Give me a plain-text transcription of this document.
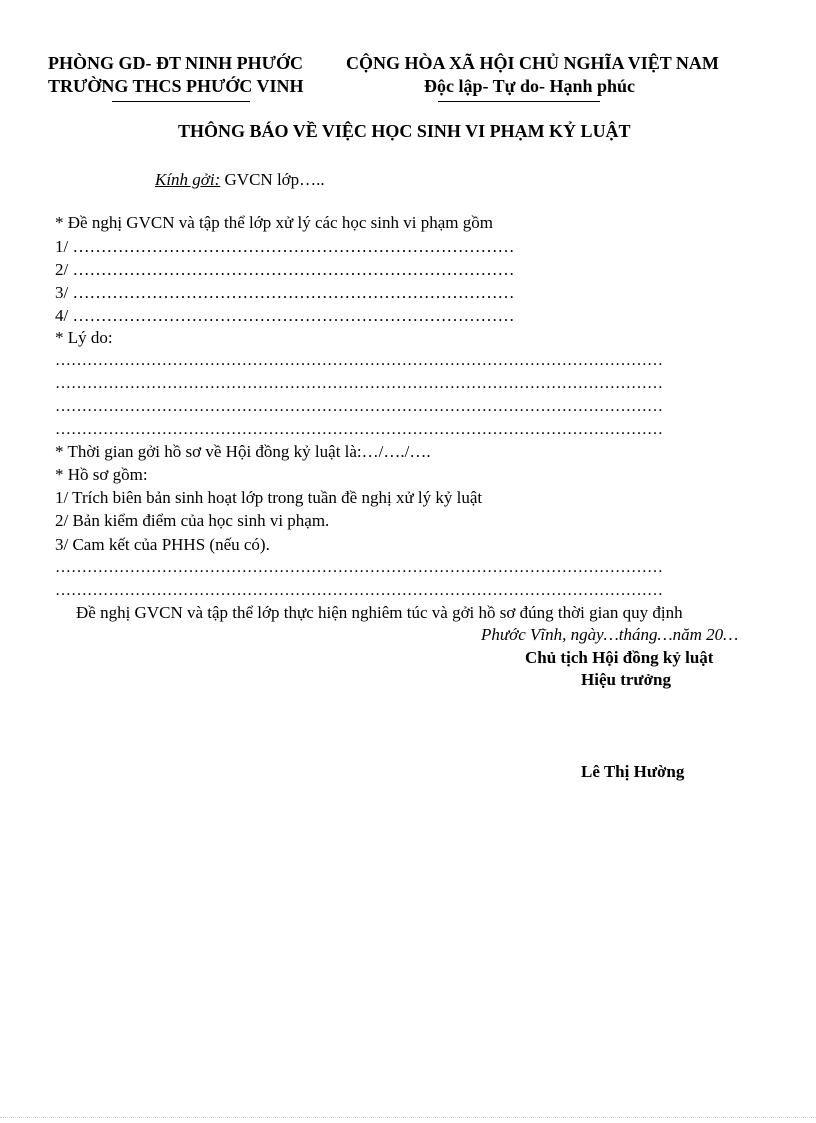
PHÒNG GD- ĐT NINH PHƯỚC
TRƯỜNG THCS PHƯỚC VINH
CỘNG HÒA XÃ HỘI CHỦ NGHĨA VIỆT NAM
Độc lập- Tự do- Hạnh phúc
THÔNG BÁO VỀ VIỆC HỌC SINH VI PHẠM KỶ LUẬT
Kính gởi: GVCN lớp…..
* Đề nghị GVCN và tập thể lớp xử lý các học sinh vi phạm gồm
1/ ……………………………………………………………………
2/ ……………………………………………………………………
3/ ……………………………………………………………………
4/ ……………………………………………………………………
* Lý do:
……………………………………………………………………………………………………
……………………………………………………………………………………………………
……………………………………………………………………………………………………
……………………………………………………………………………………………………
* Thời gian gởi hồ sơ về Hội đồng kỷ luật là:…/…./….
* Hồ sơ gồm:
1/ Trích biên bản sinh hoạt lớp trong tuần đề nghị xử lý kỷ luật
2/ Bản kiểm điểm của học sinh vi phạm.
3/ Cam kết của PHHS (nếu có).
……………………………………………………………………………………………………
……………………………………………………………………………………………………
Đề nghị GVCN và tập thể lớp thực hiện nghiêm túc và gởi hồ sơ đúng thời gian quy định
Phước Vĩnh, ngày…tháng…năm 20…
Chủ tịch Hội đồng kỷ luật
Hiệu trưởng
Lê Thị Hường
